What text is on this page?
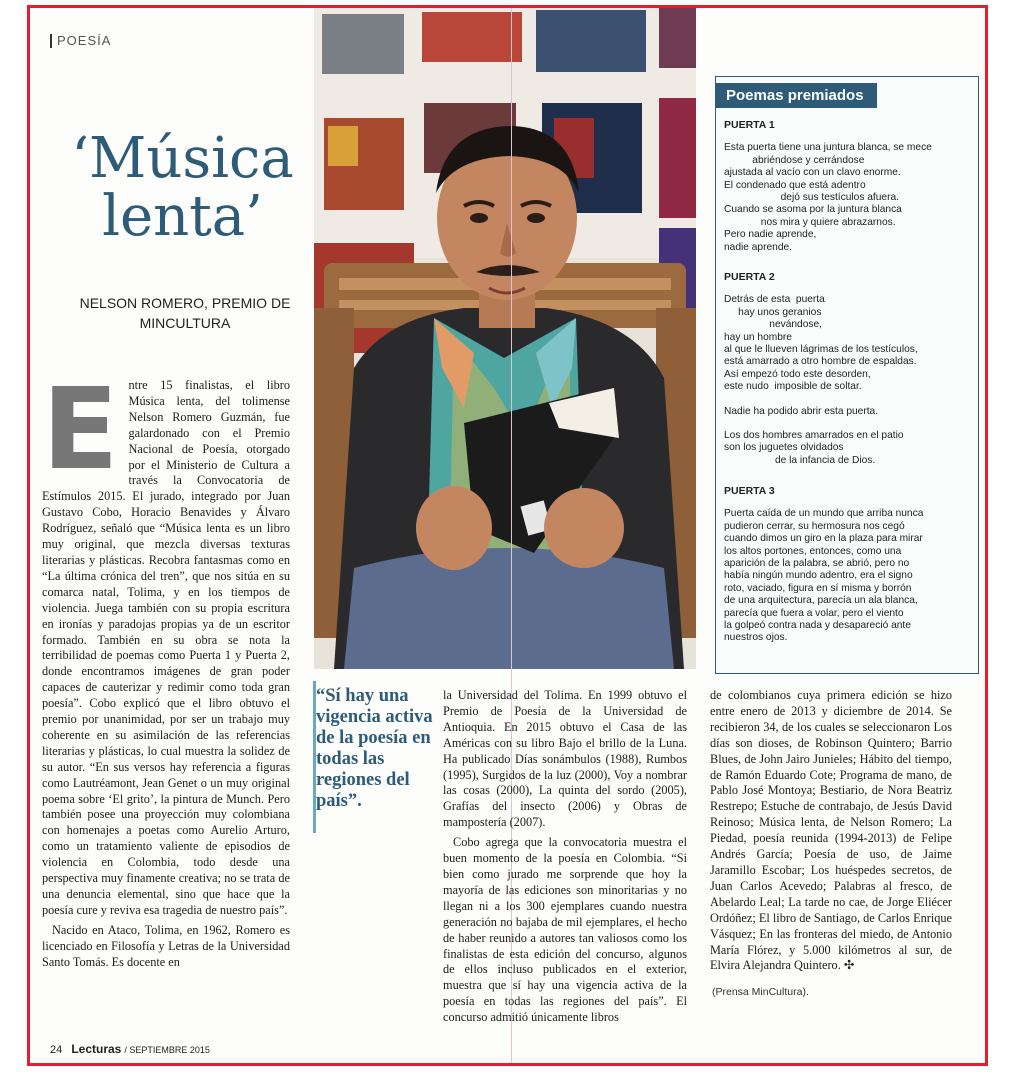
POESÍA
‘Música lenta’
NELSON ROMERO, PREMIO DE MINCULTURA
E ntre 15 finalistas, el libro Música lenta, del tolimense Nelson Romero Guzmán, fue galardonado con el Premio Nacional de Poesía, otorgado por el Ministerio de Cultura a través la Convocatoria de Estímulos 2015. El jurado, integrado por Juan Gustavo Cobo, Horacio Benavides y Álvaro Rodríguez, señaló que “Música lenta es un libro muy original, que mezcla diversas texturas literarias y plásticas. Recobra fantasmas como en “La última crónica del tren”, que nos sitúa en su comarca natal, Tolima, y en los tiempos de violencia. Juega también con su propia escritura en ironías y paradojas propias ya de un escritor formado. También en su obra se nota la terribilidad de poemas como Puerta 1 y Puerta 2, donde encontramos imágenes de gran poder capaces de cauterizar y redimir como toda gran poesía”. Cobo explicó que el libro obtuvo el premio por unanimidad, por ser un trabajo muy coherente en su asimilación de las referencias literarias y plásticas, lo cual muestra la solidez de su autor. “En sus versos hay referencia a figuras como Lautréamont, Jean Genet o un muy original poema sobre ‘El grito’, la pintura de Munch. Pero también posee una proyección muy colombiana con homenajes a poetas como Aurelio Arturo, como un tratamiento valiente de episodios de violencia en Colombia, todo desde una perspectiva muy finamente creativa; no se trata de una denuncia elemental, sino que hace que la poesía cure y reviva esa tragedia de nuestro país”.

Nacido en Ataco, Tolima, en 1962, Romero es licenciado en Filosofía y Letras de la Universidad Santo Tomás. Es docente en

“Sí hay una vigencia activa de la poesía en todas las regiones del país”.

la Universidad del Tolima. En 1999 obtuvo el Premio de Poesía de la Universidad de Antioquia. En 2015 obtuvo el Casa de las Américas con su libro Bajo el brillo de la Luna. Ha publicado Días sonámbulos (1988), Rumbos (1995), Surgidos de la luz (2000), Voy a nombrar las cosas (2000), La quinta del sordo (2005), Grafías del insecto (2006) y Obras de mampostería (2007).

Cobo agrega que la convocatoria muestra el buen momento de la poesía en Colombia. “Si bien como jurado me sorprende que hoy la mayoría de las ediciones son minoritarias y no llegan ni a los 300 ejemplares cuando nuestra generación no bajaba de mil ejemplares, el hecho de haber reunido a autores tan valiosos como los finalistas de esta edición del concurso, algunos de ellos incluso publicados en el exterior, muestra que sí hay una vigencia activa de la poesía en todas las regiones del país”. El concurso admitió únicamente libros

de colombianos cuya primera edición se hizo entre enero de 2013 y diciembre de 2014. Se recibieron 34, de los cuales se seleccionaron Los días son dioses, de Robinson Quintero; Barrio Blues, de John Jairo Junieles; Hábito del tiempo, de Ramón Eduardo Cote; Programa de mano, de Pablo José Montoya; Bestiario, de Nora Beatriz Restrepo; Estuche de contrabajo, de Jesús David Reinoso; Música lenta, de Nelson Romero; La Piedad, poesía reunida (1994-2013) de Felipe Andrés García; Poesía de uso, de Jaime Jaramillo Escobar; Los huéspedes secretos, de Juan Carlos Acevedo; Palabras al fresco, de Abelardo Leal; La tarde no cae, de Jorge Eliécer Ordóñez; El libro de Santiago, de Carlos Enrique Vásquez; En las fronteras del miedo, de Antonio María Flórez, y 5.000 kilómetros al sur, de Elvira Alejandra Quintero. ✣

(Prensa MinCultura).
Poemas premiados
PUERTA 1
Esta puerta tiene una juntura blanca, se mece
abriéndose y cerrándose
ajustada al vacío con un clavo enorme.
El condenado que está adentro
dejó sus testículos afuera.
Cuando se asoma por la juntura blanca
nos mira y quiere abrazarnos.
Pero nadie aprende,
nadie aprende.
PUERTA 2
Detrás de esta  puerta
hay unos geranios
nevándose,
hay un hombre
al que le llueven lágrimas de los testículos,
está amarrado a otro hombre de espaldas.
Así empezó todo este desorden,
este nudo  imposible de soltar.
Nadie ha podido abrir esta puerta.
Los dos hombres amarrados en el patio
son los juguetes olvidados
de la infancia de Dios.
PUERTA 3
Puerta caída de un mundo que arriba nunca
pudieron cerrar, su hermosura nos cegó
cuando dimos un giro en la plaza para mirar
los altos portones, entonces, como una
aparición de la palabra, se abrió, pero no
había ningún mundo adentro, era el signo
roto, vaciado, figura en sí misma y borrón
de una arquitectura, parecía un ala blanca,
parecía que fuera a volar, pero el viento
la golpeó contra nada y desapareció ante
nuestros ojos.
24 Lecturas / SEPTIEMBRE 2015
